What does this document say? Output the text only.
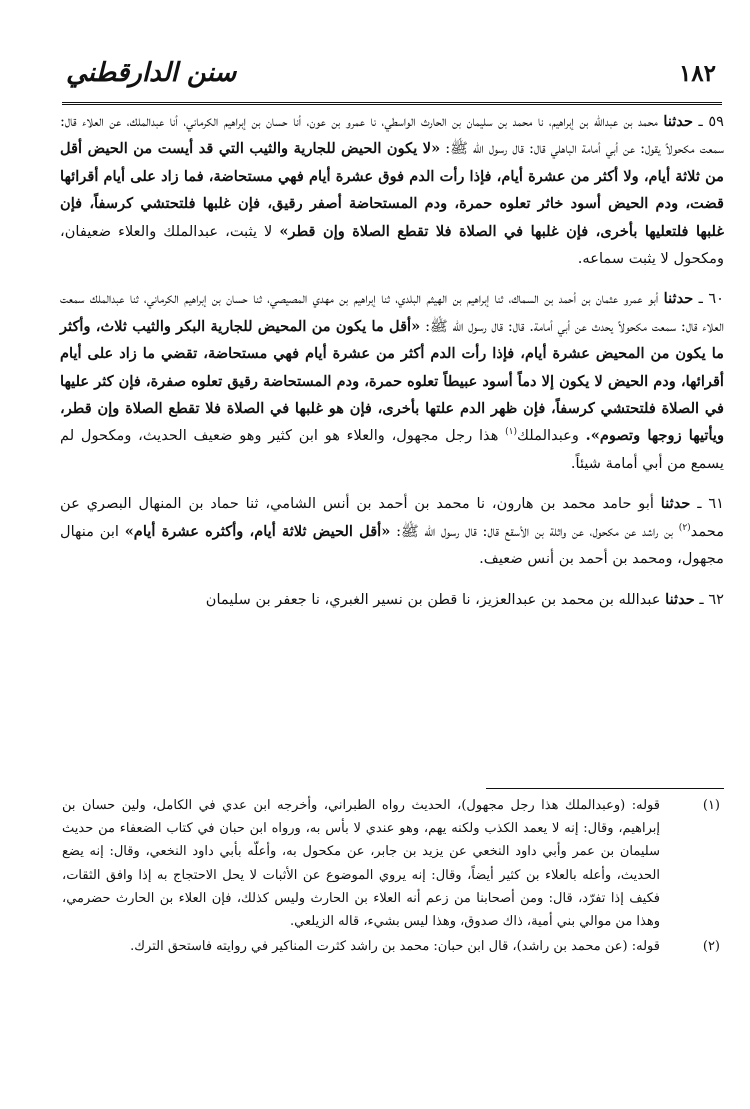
١٨٢
سنن الدارقطني

٥٩ ـ حدثنا محمد بن عبدالله بن إبراهيم، نا محمد بن سليمان بن الحارث الواسطي، نا عمرو بن عون، أنا حسان بن إبراهيم الكرماني، أنا عبدالملك، عن العلاء قال: سمعت مكحولاً يقول: عن أبي أمامة الباهلي قال: قال رسول الله ﷺ: «لا يكون الحيض للجارية والثيب التي قد أيست من الحيض أقل من ثلاثة أيام، ولا أكثر من عشرة أيام، فإذا رأت الدم فوق عشرة أيام فهي مستحاضة، فما زاد على أيام أقرائها قضت، ودم الحيض أسود خاثر تعلوه حمرة، ودم المستحاضة أصفر رقيق، فإن غلبها فلتحتشي كرسفاً، فإن غلبها فلتعليها بأخرى، فإن غلبها في الصلاة فلا تقطع الصلاة وإن قطر» لا يثبت، عبدالملك والعلاء ضعيفان، ومكحول لا يثبت سماعه.

٦٠ ـ حدثنا أبو عمرو عثمان بن أحمد بن السماك، ثنا إبراهيم بن الهيثم البلدي، ثنا إبراهيم بن مهدي المصيصي، ثنا حسان بن إبراهيم الكرماني، ثنا عبدالملك سمعت العلاء قال: سمعت مكحولاً يحدث عن أبي أمامة. قال: قال رسول الله ﷺ: «أقل ما يكون من المحيض للجارية البكر والثيب ثلاث، وأكثر ما يكون من المحيض عشرة أيام، فإذا رأت الدم أكثر من عشرة أيام فهي مستحاضة، تقضي ما زاد على أيام أقرائها، ودم الحيض لا يكون إلا دماً أسود عبيطاً تعلوه حمرة، ودم المستحاضة رقيق تعلوه صفرة، فإن كثر عليها في الصلاة فلتحتشي كرسفاً، فإن ظهر الدم علتها بأخرى، فإن هو غلبها في الصلاة فلا تقطع الصلاة وإن قطر، ويأتيها زوجها وتصوم». وعبدالملك$^{(١)}$ هذا رجل مجهول، والعلاء هو ابن كثير وهو ضعيف الحديث، ومكحول لم يسمع من أبي أمامة شيئاً.

٦١ ـ حدثنا أبو حامد محمد بن هارون، نا محمد بن أحمد بن أنس الشامي، ثنا حماد بن المنهال البصري عن محمد$^{(٢)}$ بن راشد عن مكحول، عن واثلة بن الأسقع قال: قال رسول الله ﷺ: «أقل الحيض ثلاثة أيام، وأكثره عشرة أيام» ابن منهال مجهول، ومحمد بن أحمد بن أنس ضعيف.

٦٢ ـ حدثنا عبدالله بن محمد بن عبدالعزيز، نا قطن بن نسير الغبري، نا جعفر بن سليمان

(١)
قوله: (وعبدالملك هذا رجل مجهول)، الحديث رواه الطبراني، وأخرجه ابن عدي في الكامل، ولين حسان بن إبراهيم، وقال: إنه لا يعمد الكذب ولكنه يهم، وهو عندي لا بأس به، ورواه ابن حبان في كتاب الضعفاء من حديث سليمان بن عمر وأبي داود النخعي عن يزيد بن جابر، عن مكحول به، وأعلّه بأبي داود النخعي، وقال: إنه يضع الحديث، وأعله بالعلاء بن كثير أيضاً، وقال: إنه يروي الموضوع عن الأثبات لا يحل الاحتجاج به إذا وافق الثقات، فكيف إذا تفرّد، قال: ومن أصحابنا من زعم أنه العلاء بن الحارث وليس كذلك، فإن العلاء بن الحارث حضرمي، وهذا من موالي بني أمية، ذاك صدوق، وهذا ليس بشيء، قاله الزيلعي.
(٢)
قوله: (عن محمد بن راشد)، قال ابن حبان: محمد بن راشد كثرت المناكير في روايته فاستحق الترك.
